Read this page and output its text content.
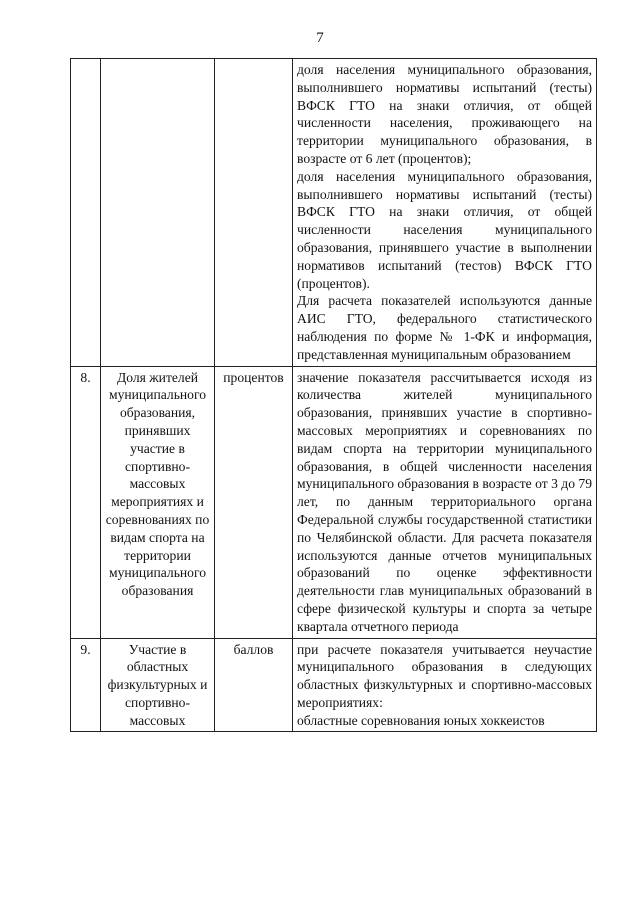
7

			доля населения муниципального образования, выполнившего нормативы испытаний (тесты) ВФСК ГТО на знаки отличия, от общей численности населения, проживающего на территории муниципального образования, в возрасте от 6 лет (процентов);
доля населения муниципального образования, выполнившего нормативы испытаний (тесты) ВФСК ГТО на знаки отличия, от общей численности населения муниципального образования, принявшего участие в выполнении нормативов испытаний (тестов) ВФСК ГТО (процентов).
Для расчета показателей используются данные АИС ГТО, федерального статистического наблюдения по форме № 1-ФК и информация, представленная муниципальным образованием

8.	Доля жителей муниципального образования, принявших участие в спортивно-массовых мероприятиях и соревнованиях по видам спорта на территории муниципального образования	процентов	значение показателя рассчитывается исходя из количества жителей муниципального образования, принявших участие в спортивно-массовых мероприятиях и соревнованиях по видам спорта на территории муниципального образования, в общей численности населения муниципального образования в возрасте от 3 до 79 лет, по данным территориального органа Федеральной службы государственной статистики по Челябинской области. Для расчета показателя используются данные отчетов муниципальных образований по оценке эффективности деятельности глав муниципальных образований в сфере физической культуры и спорта за четыре квартала отчетного периода

9.	Участие в областных физкультурных и спортивно-массовых	баллов	при расчете показателя учитывается неучастие муниципального образования в следующих областных физкультурных и спортивно-массовых мероприятиях:
областные соревнования юных хоккеистов
